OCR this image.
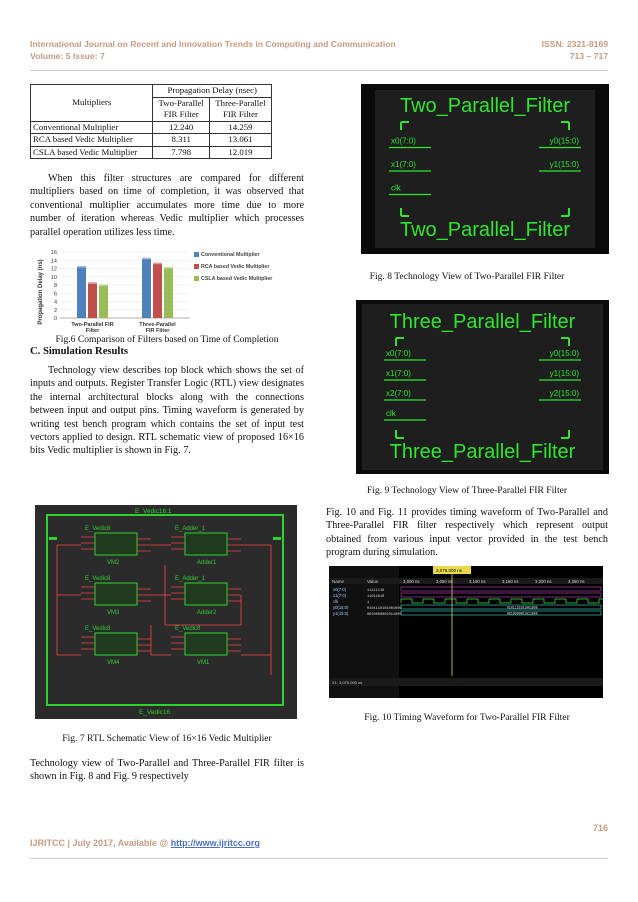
International Journal on Recent and Innovation Trends in Computing and Communication
Volume: 5 Issue: 7
ISSN: 2321-8169
713 – 717
Multipliers	Propagation Delay (nsec)	
	Two-Parallel	Three-Parallel
	FIR Filter	FIR Filter
Conventional Multiplier	12.240	14.259
RCA based Vedic Multiplier	8.311	13.061
CSLA based Vedic Multiplier	7.798	12.019
When this filter structures are compared for different multipliers based on time of completion, it was observed that conventional multiplier accumulates more time due to more number of iteration whereas Vedic multiplier which processes parallel operation utilizes less time.
Propagation Delay (ns) 0
2
4
6
8
10
12
14
16
Two-Parallel FIR
Filter
Three-Parallel
FIR Filter
Conventional Multiplier
RCA based Vedic Multiplier
CSLA based Vedic Multiplier
Fig.6 Comparison of Filters based on Time of Completion
C. Simulation Results
Technology view describes top block which shows the set of inputs and outputs. Register Transfer Logic (RTL) view designates the internal architectural blocks along with the connections between input and output pins. Timing waveform is generated by writing test bench program which contains the set of input test vectors applied to design. RTL schematic view of proposed 16×16 bits Vedic multiplier is shown in Fig. 7.
E_Vedic16:1
E_Vedic16
E_Vedic8
VM2
E_Adder_1
Adder1
E_Vedic8
VM3
E_Adder_1
Adder2
E_Vedic8
VM4
E_Vedic8
VM1
Fig. 7 RTL Schematic View of 16×16 Vedic Multiplier
Technology view of Two-Parallel and Three-Parallel FIR filter is shown in Fig. 8 and Fig. 9 respectively
Two_Parallel_Filter
Two_Parallel_Filter
x0(7:0)
x1(7:0)
clk
y0(15:0)
y1(15:0)
Fig. 8 Technology View of Two-Parallel FIR Filter
Three_Parallel_Filter
Three_Parallel_Filter
x0(7:0)
x1(7:0)
x2(7:0)
clk
y0(15:0)
y1(15:0)
y2(15:0)
Fig. 9 Technology View of Three-Parallel FIR Filter
Fig. 10 and Fig. 11 provides timing waveform of Two-Parallel and Three-Parallel FIR filter respectively which represent output obtained from various input vector provided in the test bench program during simulation.
Name	Value
3,075.000 ns
3,000 ns	3,050 ns	3,100 ns	3,150 ns	3,200 ns	3,250 ns
x0(7:0)	11111110
x1(7:0)	11011010
clk	1
y0(15:0)	0101110101001000	0101110101001000
y1(15:0)	0010000001011000	0010000001011000
X1: 3,075.000 ns
Fig. 10 Timing Waveform for Two-Parallel FIR Filter
716
IJRITCC | July 2017, Available @ http://www.ijritcc.org
